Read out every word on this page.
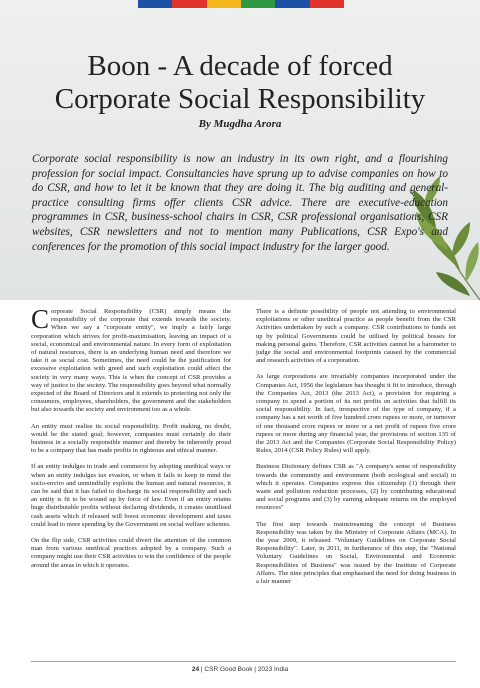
Boon - A decade of forced
Corporate Social Responsibility
By Mugdha Arora

Corporate social responsibility is now an industry in its own right, and a flourishing profession for social impact. Consultancies have sprung up to advise companies on how to do CSR, and how to let it be known that they are doing it. The big auditing and general-practice consulting firms offer clients CSR advice. There are executive-education programmes in CSR, business-school chairs in CSR, CSR professional organisations, CSR websites, CSR newsletters and not to mention many Publications, CSR Expo's and conferences for the promotion of this social impact industry for the larger good.

Corporate Social Responsibility (CSR) simply means the responsibility of the corporate that extends towards the society. When we say a "corporate entity", we imply a fairly large corporation which strives for profit-maximisation, leaving an impact of a social, economical and environmental nature. In every form of exploitation of natural resources, there is an underlying human need and therefore we take it as social cost. Sometimes, the need could be the justification for excessive exploitation with greed and such exploitation could affect the society in very many ways. This is when the concept of CSR provides a way of justice to the society. The responsibility goes beyond what normally expected of the Board of Directors and it extends to protecting not only the consumers, employees, shareholders, the government and the stakeholders but also towards the society and environment too as a whole.

An entity must realise its social responsibility. Profit making, no doubt, would be the stated goal; however, companies must certainly do their business in a socially responsible manner and thereby be inherently proud to be a company that has made profits in righteous and ethical manner.

If an entity indulges in trade and commerce by adopting unethical ways or when an entity indulges tax evasion, or when it fails to keep in mind the socio-enviro and unmindfully exploits the human and natural resources, it can be said that it has failed to discharge its social responsibility and such an entity is fit to be wound up by force of law. Even if an entity retains huge distributable profits without declaring dividends, it creates unutilised cash assets which if released will boost economic development and taxes could lead to more spending by the Government on social welfare schemes.

On the flip side, CSR activities could divert the attention of the common man from various unethical practices adopted by a company. Such a company might use their CSR activities to win the confidence of the people around the areas in which it operates.

There is a definite possibility of people not attending to environmental exploitations or other unethical practice as people benefit from the CSR Activities undertaken by such a company. CSR contributions to funds set up by political Governments could be utilised by political bosses for making personal gains. Therefore, CSR activities cannot be a barometer to judge the social and environmental footprints caused by the commercial and research activities of a corporation.

As large corporations are invariably companies incorporated under the Companies Act, 1956 the legislature has thought it fit to introduce, through the Companies Act, 2013 (the 2013 Act), a provision for requiring a company to spend a portion of its net profits on activities that fulfill its social responsibility. In fact, irrespective of the type of company, if a company has a net worth of five hundred crore rupees or more, or turnover of one thousand crore rupees or more or a net profit of rupees five crore rupees or more during any financial year, the provisions of section 135 of the 2013 Act and the Companies (Corporate Social Responsibility Policy) Rules, 2014 (CSR Policy Rules) will apply.

Business Dictionary defines CSR as "A company's sense of responsibility towards the community and environment (both ecological and social) in which it operates. Companies express this citizenship (1) through their waste and pollution reduction processes, (2) by contributing educational and social programs and (3) by earning adequate returns on the employed resources"

The first step towards mainstreaming the concept of Business Responsibility was taken by the Ministry of Corporate Affairs (MCA). In the year 2009, it released "Voluntary Guidelines on Corporate Social Responsibility". Later, in 2011, in furtherance of this step, the "National Voluntary Guidelines on Social, Environmental and Economic Responsibilities of Business" was issued by the Institute of Corporate Affairs. The nine principles that emphasised the need for doing business in a fair manner

24 | CSR Good Book | 2023 India
